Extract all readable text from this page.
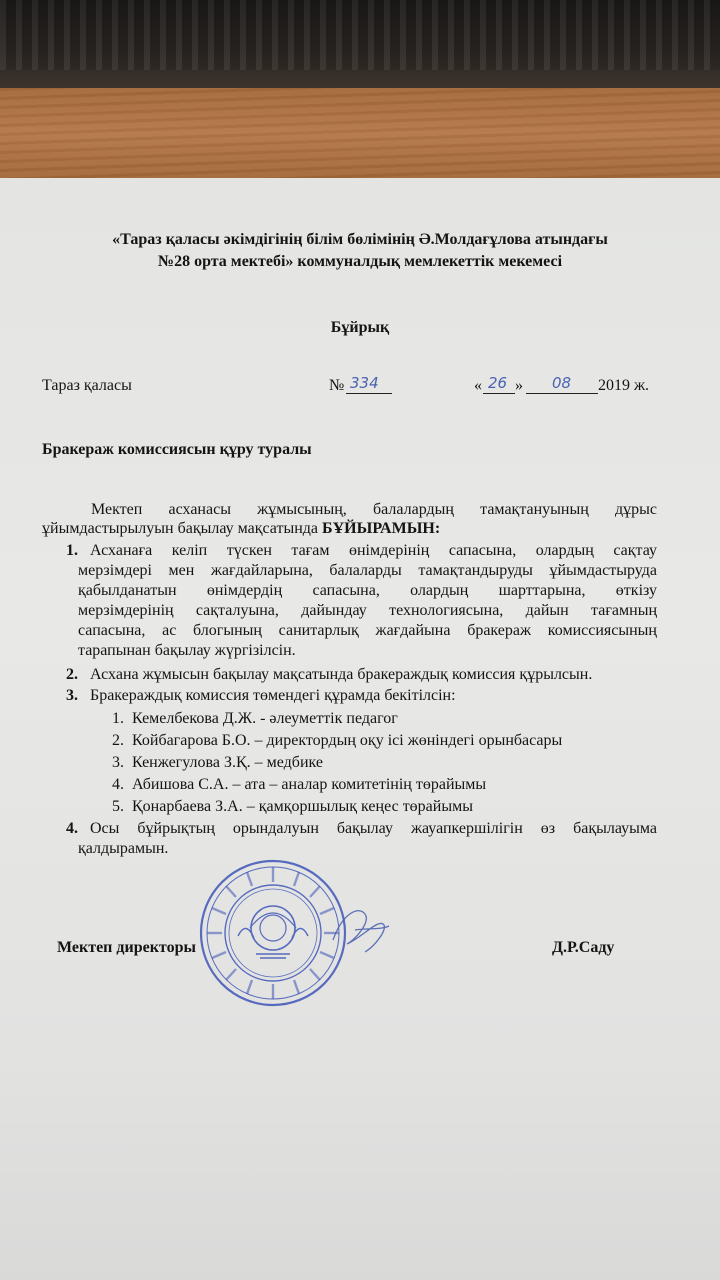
«Тараз қаласы әкімдігінің білім бөлімінің Ә.Молдағұлова атындағы
№28 орта мектебі» коммуналдық мемлекеттік мекемесі
Бұйрық
Тараз қаласы	№ 334	« 26 » 08 2019 ж.
Бракераж комиссиясын құру туралы
Мектеп асханасы жұмысының, балалардың тамақтануының дұрыс
ұйымдастырылуын бақылау мақсатында БҰЙЫРАМЫН:
1. Асханаға келіп түскен тағам өнімдерінің сапасына, олардың сақтау
мерзімдері мен жағдайларына, балаларды тамақтандыруды ұйымдастыруда
қабылданатын өнімдердің сапасына, олардың шарттарына, өткізу
мерзімдерінің сақталуына, дайындау технологиясына, дайын тағамның
сапасына, ас блогының санитарлық жағдайына бракераж комиссиясының
тарапынан бақылау жүргізілсін.
2. Асхана жұмысын бақылау мақсатында бракераждық комиссия құрылсын.
3. Бракераждық комиссия төмендегі құрамда бекітілсін:
1. Кемелбекова Д.Ж. - әлеуметтік педагог
2. Койбагарова Б.О. – директордың оқу ісі жөніндегі орынбасары
3. Кенжегулова З.Қ. – медбике
4. Абишова С.А. – ата – аналар комитетінің төрайымы
5. Қонарбаева З.А. – қамқоршылық кеңес төрайымы
4. Осы бұйрықтың орындалуын бақылау жауапкершілігін өз бақылауыма
қалдырамын.
Мектеп директоры	Д.Р.Саду
